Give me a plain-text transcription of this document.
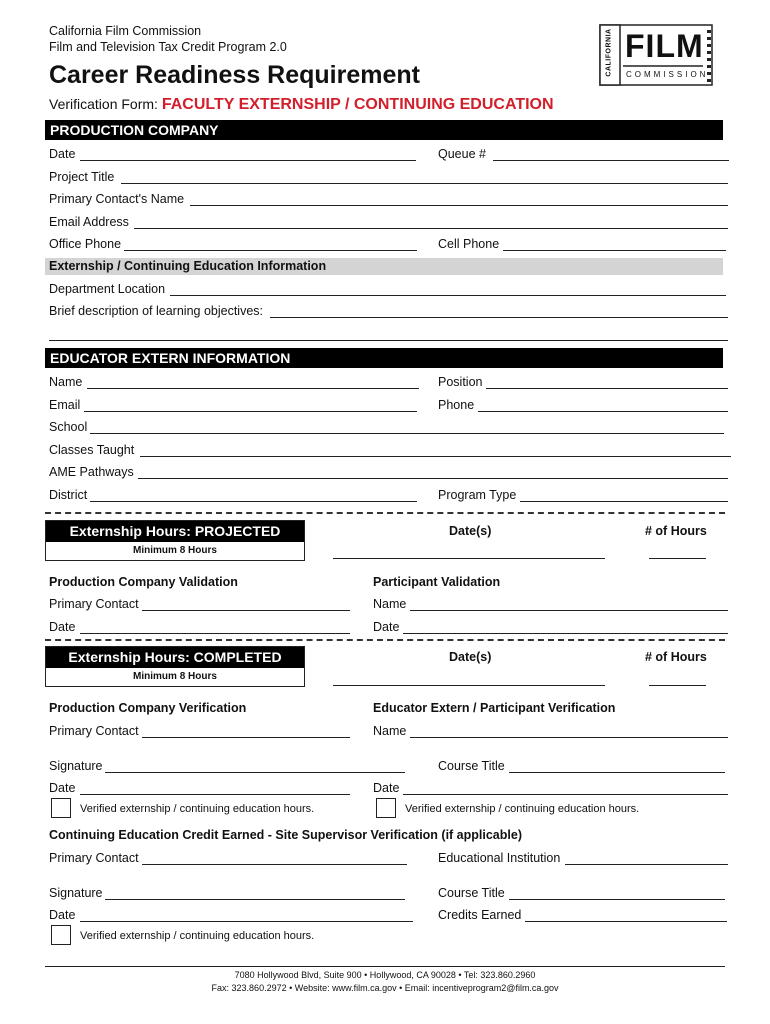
California Film Commission
Film and Television Tax Credit Program 2.0
Career Readiness Requirement
Verification Form: FACULTY EXTERNSHIP / CONTINUING EDUCATION
CALIFORNIA FILM
COMMISSION
PRODUCTION COMPANY
Date	Queue #
Project Title
Primary Contact's Name
Email Address
Office Phone	Cell Phone
Externship / Continuing Education Information
Department Location
Brief description of learning objectives:
EDUCATOR EXTERN INFORMATION
Name	Position
Email	Phone
School
Classes Taught
AME Pathways
District	Program Type
Externship Hours: PROJECTED
Minimum 8 Hours
Date(s)	# of Hours
Production Company Validation	Participant Validation
Primary Contact	Name
Date	Date
Externship Hours: COMPLETED
Minimum 8 Hours
Date(s)	# of Hours
Production Company Verification	Educator Extern / Participant Verification
Primary Contact	Name
Signature	Course Title
Date	Date
Verified externship / continuing education hours.	Verified externship / continuing education hours.
Continuing Education Credit Earned - Site Supervisor Verification (if applicable)
Primary Contact	Educational Institution
Signature	Course Title
Date	Credits Earned
Verified externship / continuing education hours.
7080 Hollywood Blvd, Suite 900 • Hollywood, CA 90028 • Tel: 323.860.2960
Fax: 323.860.2972 • Website: www.film.ca.gov • Email: incentiveprogram2@film.ca.gov
